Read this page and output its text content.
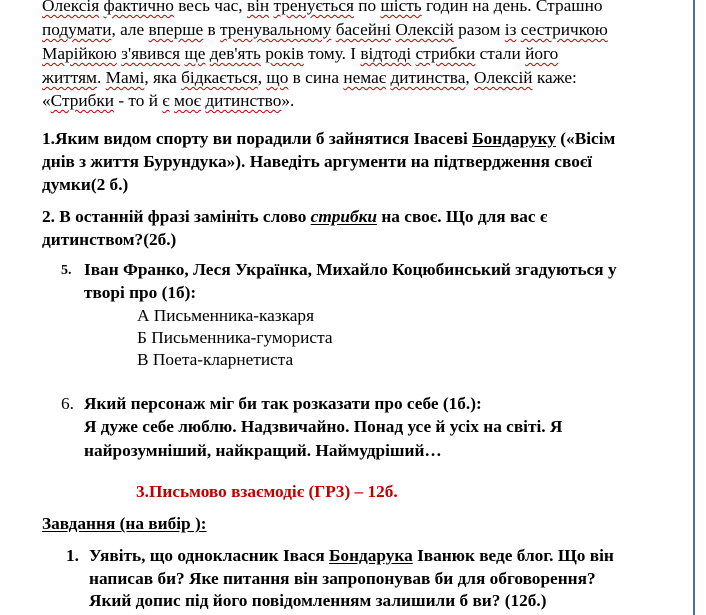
Олексія фактично весь час, він тренується по шість годин на день. Страшно
подумати, але вперше в тренувальному басейні Олексій разом із сестричкою
Марійкою з'явився ще дев'ять років тому. І відтоді стрибки стали його
життям. Мамі, яка бідкається, що в сина немає дитинства, Олексій каже:
«Стрибки - то й є моє дитинство».
1.Яким видом спорту ви порадили б зайнятися Івасеві Бондаруку («Вісім
днів з життя Бурундука»). Наведіть аргументи на підтвердження своєї
думки(2 б.)
2. В останній фразі замініть слово стрибки на своє. Що для вас є
дитинством?(2б.)
5. Іван Франко, Леся Українка, Михайло Коцюбинський згадуються у
творі про (1б):
А Письменника-казкаря
Б Письменника-гумориста
В Поета-кларнетиста
6. Який персонаж міг би так розказати про себе (1б.):
Я дуже себе люблю. Надзвичайно. Понад усе й усіх на світі. Я
найрозумніший, найкращий. Наймудріший…
3.Письмово взаємодіє (ГР3) – 12б.
Завдання (на вибір ):
1. Уявіть, що однокласник Івася Бондарука Іванюк веде блог. Що він
написав би? Яке питання він запропонував би для обговорення?
Який допис під його повідомленням залишили б ви? (12б.)
